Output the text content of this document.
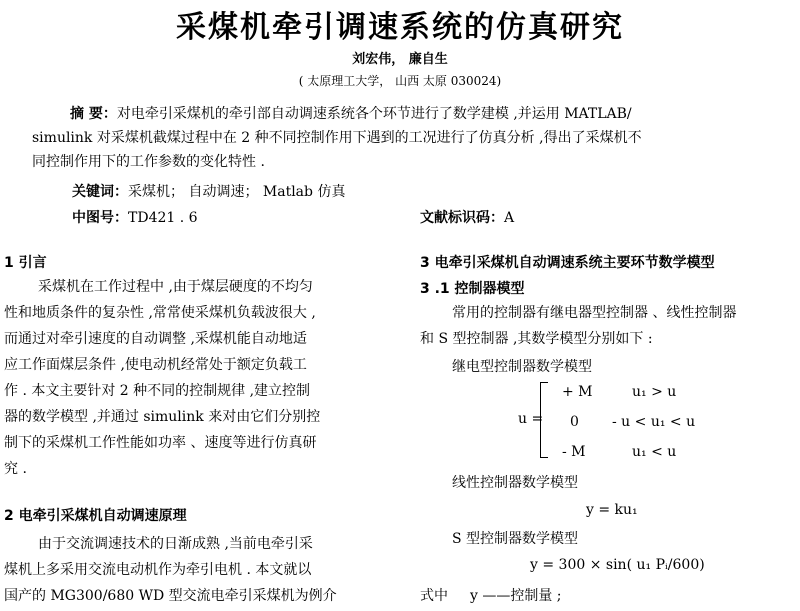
采煤机牵引调速系统的仿真研究
刘宏伟， 廉自生
( 太原理工大学， 山西 太原 030024)
摘 要：对电牵引采煤机的牵引部自动调速系统各个环节进行了数学建模 ,并运用 MATLAB/
simulink 对采煤机截煤过程中在 2 种不同控制作用下遇到的工况进行了仿真分析 ,得出了采煤机不
同控制作用下的工作参数的变化特性 .
关键词：采煤机； 自动调速； Matlab 仿真
中图号：TD421 . 6	文献标识码：A
1 引言
采煤机在工作过程中 ,由于煤层硬度的不均匀
性和地质条件的复杂性 ,常常使采煤机负载波很大 ,
而通过对牵引速度的自动调整 ,采煤机能自动地适
应工作面煤层条件 ,使电动机经常处于额定负载工
作 . 本文主要针对 2 种不同的控制规律 ,建立控制
器的数学模型 ,并通过 simulink 来对由它们分别控
制下的采煤机工作性能如功率 、速度等进行仿真研
究 .
2 电牵引采煤机自动调速原理
由于交流调速技术的日渐成熟 ,当前电牵引采
煤机上多采用交流电动机作为牵引电机 . 本文就以
国产的 MG300/680 WD 型交流电牵引采煤机为例介
3 电牵引采煤机自动调速系统主要环节数学模型
3 .1 控制器模型
常用的控制器有继电器型控制器 、线性控制器
和 S 型控制器 ,其数学模型分别如下 :
继电型控制器数学模型
u =
+ M	u₁ > u
0 - u < u₁ < u
- M	u₁ < u
线性控制器数学模型
y = ku₁
S 型控制器数学模型
y = 300 × sin( u₁ Pᵢ/600)
式中 y ——控制量 ;
